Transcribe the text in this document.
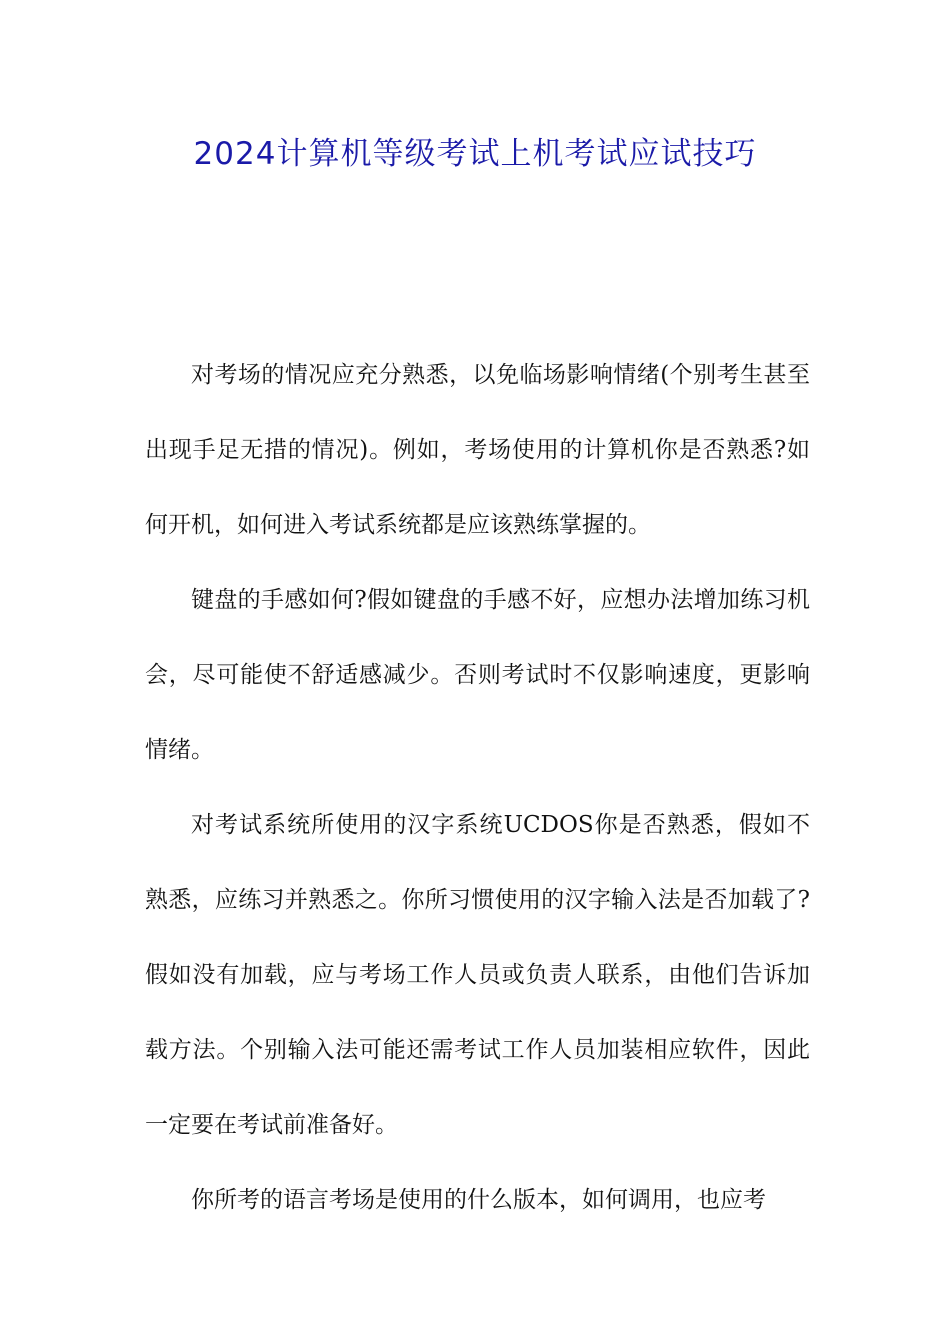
2024计算机等级考试上机考试应试技巧

对考场的情况应充分熟悉，以免临场影响情绪(个别考生甚至出现手足无措的情况)。例如，考场使用的计算机你是否熟悉?如何开机，如何进入考试系统都是应该熟练掌握的。

键盘的手感如何?假如键盘的手感不好，应想办法增加练习机会，尽可能使不舒适感减少。否则考试时不仅影响速度，更影响情绪。

对考试系统所使用的汉字系统UCDOS你是否熟悉，假如不熟悉，应练习并熟悉之。你所习惯使用的汉字输入法是否加载了?假如没有加载，应与考场工作人员或负责人联系，由他们告诉加载方法。个别输入法可能还需考试工作人员加装相应软件，因此一定要在考试前准备好。

你所考的语言考场是使用的什么版本，如何调用，也应考
